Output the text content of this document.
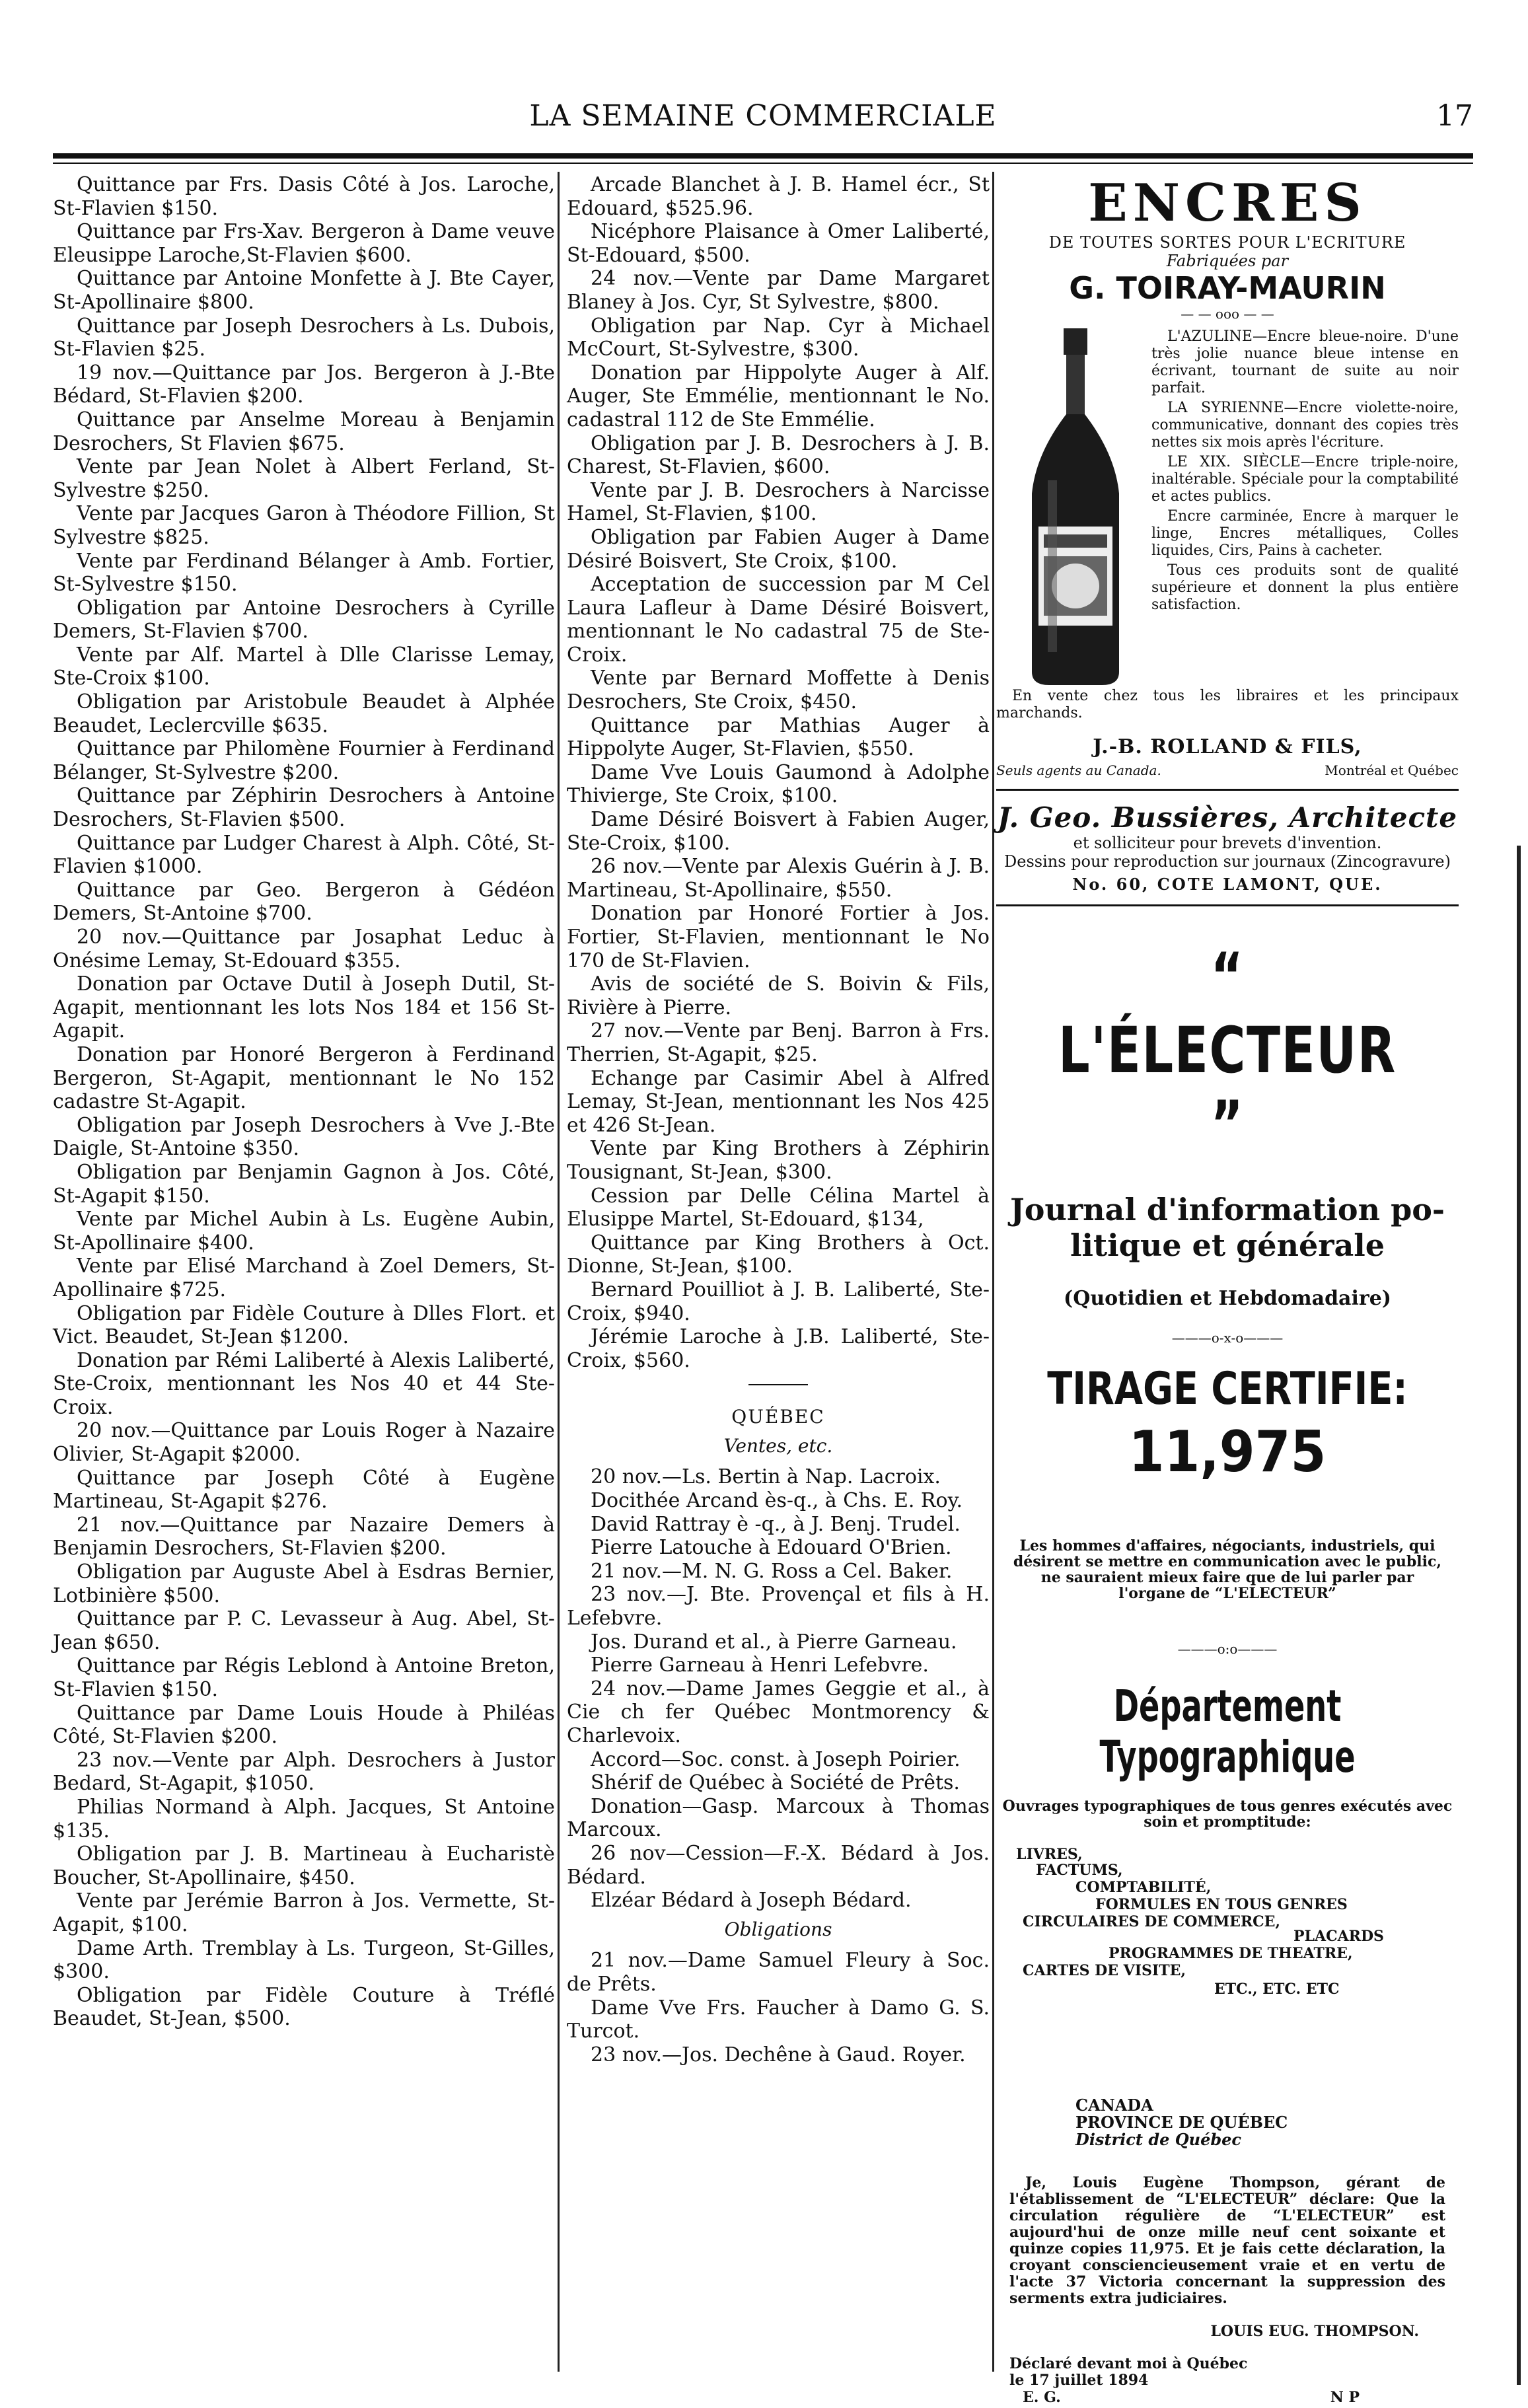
LA SEMAINE COMMERCIALE	17

Quittance par Frs. Dasis Côté à Jos. Laroche, St-Flavien $150.

Quittance par Frs-Xav. Bergeron à Dame veuve Eleusippe Laroche,St-Flavien $600.

Quittance par Antoine Monfette à J. Bte Cayer, St-Apollinaire $800.

Quittance par Joseph Desrochers à Ls. Dubois, St-Flavien $25.

19 nov.—Quittance par Jos. Bergeron à J.-Bte Bédard, St-Flavien $200.

Quittance par Anselme Moreau à Benjamin Desrochers, St Flavien $675.

Vente par Jean Nolet à Albert Ferland, St-Sylvestre $250.

Vente par Jacques Garon à Théodore Fillion, St Sylvestre $825.

Vente par Ferdinand Bélanger à Amb. Fortier, St-Sylvestre $150.

Obligation par Antoine Desrochers à Cyrille Demers, St-Flavien $700.

Vente par Alf. Martel à Dlle Clarisse Lemay, Ste-Croix $100.

Obligation par Aristobule Beaudet à Alphée Beaudet, Leclercville $635.

Quittance par Philomène Fournier à Ferdinand Bélanger, St-Sylvestre $200.

Quittance par Zéphirin Desrochers à Antoine Desrochers, St-Flavien $500.

Quittance par Ludger Charest à Alph. Côté, St-Flavien $1000.

Quittance par Geo. Bergeron à Gédéon Demers, St-Antoine $700.

20 nov.—Quittance par Josaphat Leduc à Onésime Lemay, St-Edouard $355.

Donation par Octave Dutil à Joseph Dutil, St-Agapit, mentionnant les lots Nos 184 et 156 St-Agapit.

Donation par Honoré Bergeron à Ferdinand Bergeron, St-Agapit, mentionnant le No 152 cadastre St-Agapit.

Obligation par Joseph Desrochers à Vve J.-Bte Daigle, St-Antoine $350.

Obligation par Benjamin Gagnon à Jos. Côté, St-Agapit $150.

Vente par Michel Aubin à Ls. Eugène Aubin, St-Apollinaire $400.

Vente par Elisé Marchand à Zoel Demers, St-Apollinaire $725.

Obligation par Fidèle Couture à Dlles Flort. et Vict. Beaudet, St-Jean $1200.

Donation par Rémi Laliberté à Alexis Laliberté, Ste-Croix, mentionnant les Nos 40 et 44 Ste-Croix.

20 nov.—Quittance par Louis Roger à Nazaire Olivier, St-Agapit $2000.

Quittance par Joseph Côté à Eugène Martineau, St-Agapit $276.

21 nov.—Quittance par Nazaire Demers à Benjamin Desrochers, St-Flavien $200.

Obligation par Auguste Abel à Esdras Bernier, Lotbinière $500.

Quittance par P. C. Levasseur à Aug. Abel, St-Jean $650.

Quittance par Régis Leblond à Antoine Breton, St-Flavien $150.

Quittance par Dame Louis Houde à Philéas Côté, St-Flavien $200.

23 nov.—Vente par Alph. Desrochers à Justor Bedard, St-Agapit, $1050.

Philias Normand à Alph. Jacques, St Antoine $135.

Obligation par J. B. Martineau à Eucharistè Boucher, St-Apollinaire, $450.

Vente par Jerémie Barron à Jos. Vermette, St-Agapit, $100.

Dame Arth. Tremblay à Ls. Turgeon, St-Gilles, $300.

Obligation par Fidèle Couture à Tréflé Beaudet, St-Jean, $500.

Arcade Blanchet à J. B. Hamel écr., St Edouard, $525.96.

Nicéphore Plaisance à Omer Laliberté, St-Edouard, $500.

24 nov.—Vente par Dame Margaret Blaney à Jos. Cyr, St Sylvestre, $800.

Obligation par Nap. Cyr à Michael McCourt, St-Sylvestre, $300.

Donation par Hippolyte Auger à Alf. Auger, Ste Emmélie, mentionnant le No. cadastral 112 de Ste Emmélie.

Obligation par J. B. Desrochers à J. B. Charest, St-Flavien, $600.

Vente par J. B. Desrochers à Narcisse Hamel, St-Flavien, $100.

Obligation par Fabien Auger à Dame Désiré Boisvert, Ste Croix, $100.

Acceptation de succession par M Cel Laura Lafleur à Dame Désiré Boisvert, mentionnant le No cadastral 75 de Ste-Croix.

Vente par Bernard Moffette à Denis Desrochers, Ste Croix, $450.

Quittance par Mathias Auger à Hippolyte Auger, St-Flavien, $550.

Dame Vve Louis Gaumond à Adolphe Thivierge, Ste Croix, $100.

Dame Désiré Boisvert à Fabien Auger, Ste-Croix, $100.

26 nov.—Vente par Alexis Guérin à J. B. Martineau, St-Apollinaire, $550.

Donation par Honoré Fortier à Jos. Fortier, St-Flavien, mentionnant le No 170 de St-Flavien.

Avis de société de S. Boivin & Fils, Rivière à Pierre.

27 nov.—Vente par Benj. Barron à Frs. Therrien, St-Agapit, $25.

Echange par Casimir Abel à Alfred Lemay, St-Jean, mentionnant les Nos 425 et 426 St-Jean.

Vente par King Brothers à Zéphirin Tousignant, St-Jean, $300.

Cession par Delle Célina Martel à Elusippe Martel, St-Edouard, $134,

Quittance par King Brothers à Oct. Dionne, St-Jean, $100.

Bernard Pouilliot à J. B. Laliberté, Ste-Croix, $940.

Jérémie Laroche à J.B. Laliberté, Ste-Croix, $560.

QUÉBEC
Ventes, etc.

20 nov.—Ls. Bertin à Nap. Lacroix.

Docithée Arcand ès-q., à Chs. E. Roy.

David Rattray è -q., à J. Benj. Trudel.

Pierre Latouche à Edouard O'Brien.

21 nov.—M. N. G. Ross a Cel. Baker.

23 nov.—J. Bte. Provençal et fils à H. Lefebvre.

Jos. Durand et al., à Pierre Garneau.

Pierre Garneau à Henri Lefebvre.

24 nov.—Dame James Geggie et al., à Cie ch fer Québec Montmorency & Charlevoix.

Accord—Soc. const. à Joseph Poirier.

Shérif de Québec à Société de Prêts.

Donation—Gasp. Marcoux à Thomas Marcoux.

26 nov—Cession—F.-X. Bédard à Jos. Bédard.

Elzéar Bédard à Joseph Bédard.

Obligations

21 nov.—Dame Samuel Fleury à Soc. de Prêts.

Dame Vve Frs. Faucher à Damo G. S. Turcot.

23 nov.—Jos. Dechêne à Gaud. Royer.

ENCRES
DE TOUTES SORTES POUR L'ECRITURE
Fabriquées par
G. TOIRAY-MAURIN
— — ooo — —

L'AZULINE—Encre bleue-noire. D'une très jolie nuance bleue intense en écrivant, tournant de suite au noir parfait.

LA SYRIENNE—Encre violette-noire, communicative, donnant des copies très nettes six mois après l'écriture.

LE XIX. SIÈCLE—Encre triple-noire, inaltérable. Spéciale pour la comptabilité et actes publics.

Encre carminée, Encre à marquer le linge, Encres métalliques, Colles liquides, Cirs, Pains à cacheter.

Tous ces produits sont de qualité supérieure et donnent la plus entière satisfaction.

En vente chez tous les libraires et les principaux marchands.

J.-B. ROLLAND & FILS,
Seuls agents au Canada.	Montréal et Québec
J. Geo. Bussières, Architecte
et solliciteur pour brevets d'invention.
Dessins pour reproduction sur journaux (Zincogravure)
No. 60, COTE LAMONT, QUE.
“ L'ÉLECTEUR ”
Journal d'information po-
litique et générale
(Quotidien et Hebdomadaire)
———o-x-o———
TIRAGE CERTIFIE:
11,975
Les hommes d'affaires, négociants, industriels, qui désirent se mettre en communication avec le public, ne sauraient mieux faire que de lui parler par l'organe de “L'ELECTEUR”
———o:o———
Département Typographique
Ouvrages typographiques de tous genres exécutés avec soin et promptitude:
LIVRES,
FACTUMS,
COMPTABILITÉ,
FORMULES EN TOUS GENRES
CIRCULAIRES DE COMMERCE,
PLACARDS
PROGRAMMES DE THEATRE,
CARTES DE VISITE,
ETC., ETC. ETC
CANADA
PROVINCE DE QUÉBEC
District de Québec
Je, Louis Eugène Thompson, gérant de l'établissement de “L'ELECTEUR” déclare: Que la circulation régulière de “L'ELECTEUR” est aujourd'hui de onze mille neuf cent soixante et quinze copies 11,975. Et je fais cette déclaration, la croyant consciencieusement vraie et en vertu de l'acte 37 Victoria concernant la suppression des serments extra judiciaires.
LOUIS EUG. THOMPSON.
Déclaré devant moi à Québec
le 17 juillet 1894
E. G.	N P
